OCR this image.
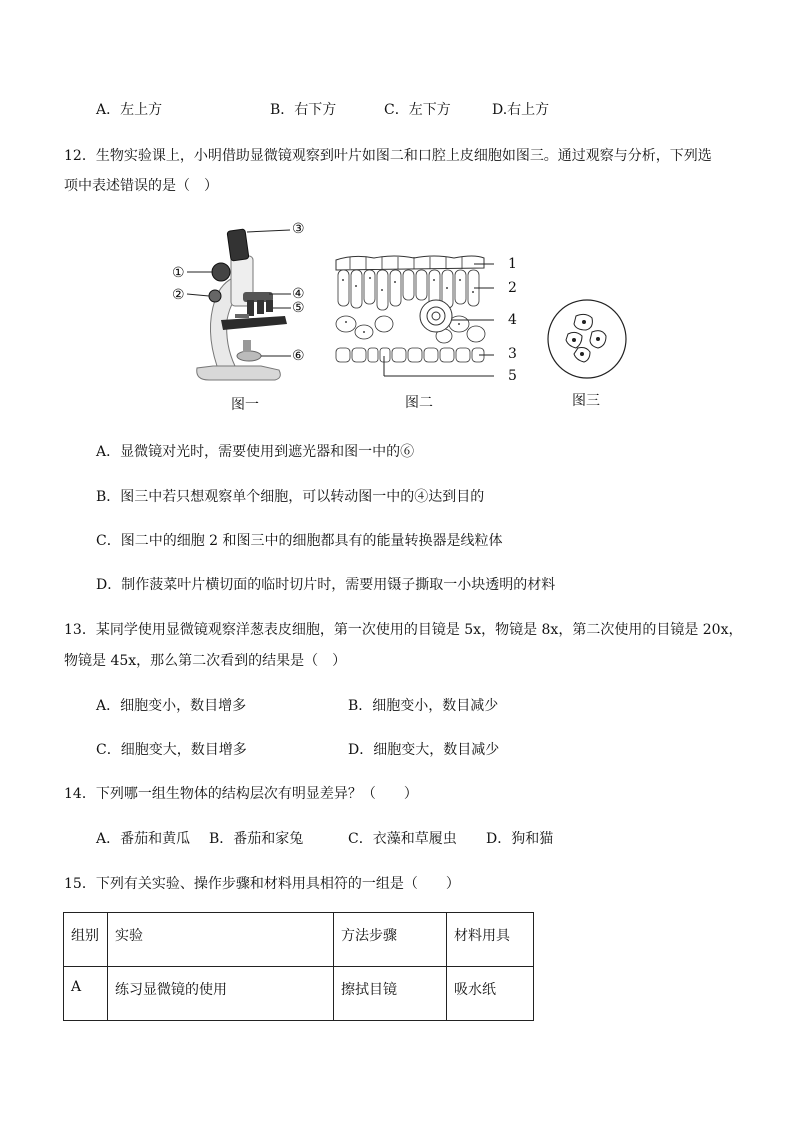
A．左上方	B．右下方	C．左下方	D.右上方
12．生物实验课上，小明借助显微镜观察到叶片如图二和口腔上皮细胞如图三。通过观察与分析，下列选
项中表述错误的是（　）
①
②
③
④
⑤
⑥
图一
1
2
3
4
5
图二	图三
A．显微镜对光时，需要使用到遮光器和图一中的⑥
B．图三中若只想观察单个细胞，可以转动图一中的④达到目的
C．图二中的细胞 2 和图三中的细胞都具有的能量转换器是线粒体
D．制作菠菜叶片横切面的临时切片时，需要用镊子撕取一小块透明的材料
13．某同学使用显微镜观察洋葱表皮细胞，第一次使用的目镜是 5x，物镜是 8x，第二次使用的目镜是 20x，
物镜是 45x，那么第二次看到的结果是（　）
A．细胞变小，数目增多	B．细胞变小，数目减少
C．细胞变大，数目增多	D．细胞变大，数目减少
14．下列哪一组生物体的结构层次有明显差异？（　　）
A．番茄和黄瓜 B．番茄和家兔	C．衣藻和草履虫 D．狗和猫
15．下列有关实验、操作步骤和材料用具相符的一组是（　　）
组别	实验	方法步骤	材料用具
A	练习显微镜的使用	擦拭目镜	吸水纸
